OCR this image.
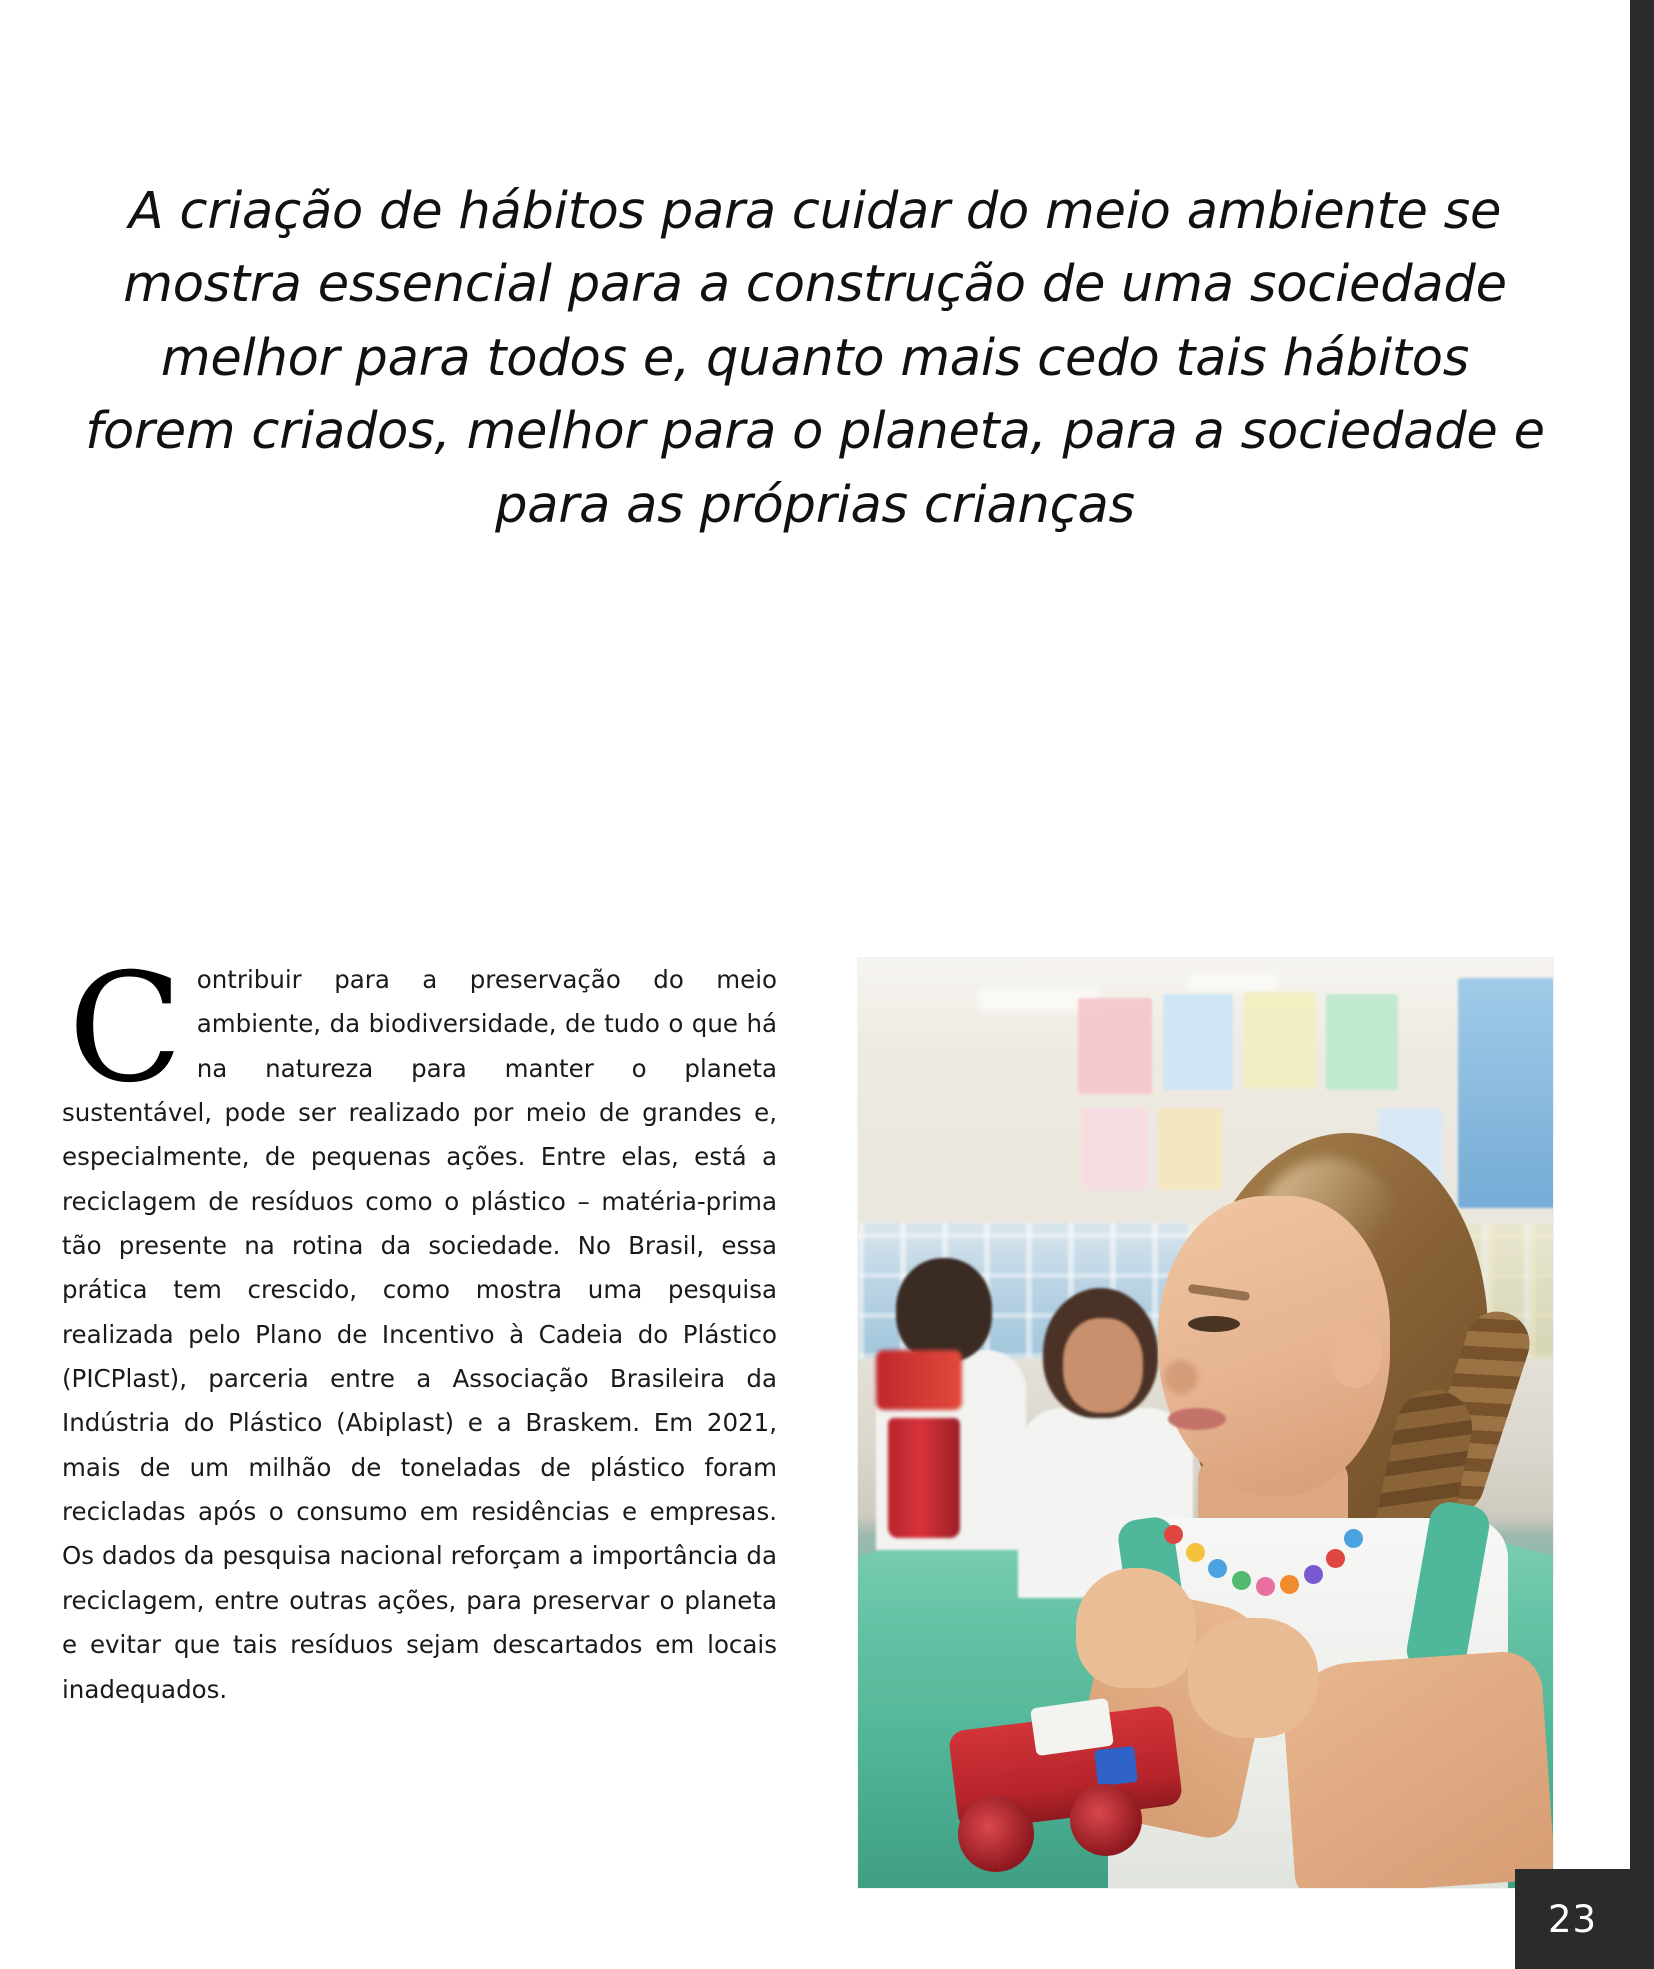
A criação de hábitos para cuidar do meio ambiente se mostra essencial para a construção de uma sociedade melhor para todos e, quanto mais cedo tais hábitos forem criados, melhor para o planeta, para a sociedade e para as próprias crianças
Contribuir para a preservação do meio ambiente, da biodiversidade, de tudo o que há na natureza para manter o planeta sustentável, pode ser realizado por meio de grandes e, especialmente, de pequenas ações. Entre elas, está a reciclagem de resíduos como o plástico – matéria-prima tão presente na rotina da sociedade. No Brasil, essa prática tem crescido, como mostra uma pesquisa realizada pelo Plano de Incentivo à Cadeia do Plástico (PICPlast), parceria entre a Associação Brasileira da Indústria do Plástico (Abiplast) e a Braskem. Em 2021, mais de um milhão de toneladas de plástico foram recicladas após o consumo em residências e empresas. Os dados da pesquisa nacional reforçam a importância da reciclagem, entre outras ações, para preservar o planeta e evitar que tais resíduos sejam descartados em locais inadequados.
23
